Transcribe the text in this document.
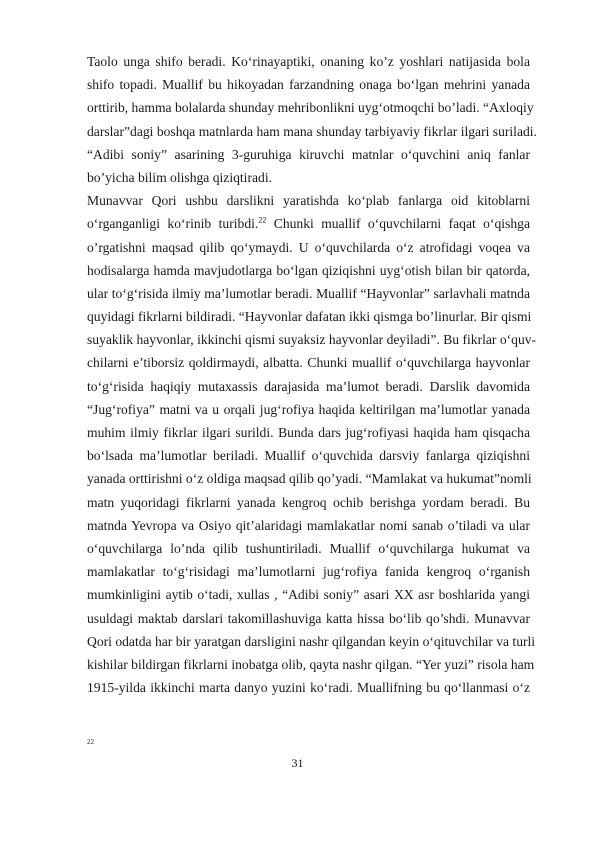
Taolo unga shifo beradi. Ko‘rinayaptiki, onaning ko’z yoshlari natijasida bola
shifo topadi. Muallif bu hikoyadan farzandning onaga bo‘lgan mehrini yanada
orttirib, hamma bolalarda shunday mehribonlikni uyg‘otmoqchi bo’ladi. “Axloqiy
darslar”dagi boshqa matnlarda ham mana shunday tarbiyaviy fikrlar ilgari suriladi.
“Adibi soniy” asarining 3-guruhiga kiruvchi matnlar o‘quvchini aniq fanlar
bo’yicha bilim olishga qiziqtiradi.
Munavvar Qori ushbu darslikni yaratishda ko‘plab fanlarga oid kitoblarni
o‘rganganligi ko‘rinib turibdi.$^{22}$ Chunki muallif o‘quvchilarni faqat o‘qishga
o’rgatishni maqsad qilib qo‘ymaydi. U o‘quvchilarda o‘z atrofidagi voqea va
hodisalarga hamda mavjudotlarga bo‘lgan qiziqishni uyg‘otish bilan bir qatorda,
ular to‘g‘risida ilmiy ma’lumotlar beradi. Muallif “Hayvonlar” sarlavhali matnda
quyidagi fikrlarni bildiradi. “Hayvonlar dafatan ikki qismga bo’linurlar. Bir qismi
suyaklik hayvonlar, ikkinchi qismi suyaksiz hayvonlar deyiladi”. Bu fikrlar o‘quv-
chilarni e’tiborsiz qoldirmaydi, albatta. Chunki muallif o‘quvchilarga hayvonlar
to‘g‘risida haqiqiy mutaxassis darajasida ma’lumot beradi. Darslik davomida
“Jug‘rofiya” matni va u orqali jug‘rofiya haqida keltirilgan ma’lumotlar yanada
muhim ilmiy fikrlar ilgari surildi. Bunda dars jug‘rofiyasi haqida ham qisqacha
bo‘lsada ma’lumotlar beriladi. Muallif o‘quvchida darsviy fanlarga qiziqishni
yanada orttirishni o‘z oldiga maqsad qilib qo’yadi. “Mamlakat va hukumat”nomli
matn yuqoridagi fikrlarni yanada kengroq ochib berishga yordam beradi. Bu
matnda Yevropa va Osiyo qit’alaridagi mamlakatlar nomi sanab o’tiladi va ular
o‘quvchilarga lo’nda qilib tushuntiriladi. Muallif o‘quvchilarga hukumat va
mamlakatlar to‘g‘risidagi ma’lumotlarni jug‘rofiya fanida kengroq o‘rganish
mumkinligini aytib o‘tadi, xullas , “Adibi soniy” asari XX asr boshlarida yangi
usuldagi maktab darslari takomillashuviga katta hissa bo‘lib qo’shdi. Munavvar
Qori odatda har bir yaratgan darsligini nashr qilgandan keyin o‘qituvchilar va turli
kishilar bildirgan fikrlarni inobatga olib, qayta nashr qilgan. “Yer yuzi” risola ham
1915-yilda ikkinchi marta danyo yuzini ko‘radi. Muallifning bu qo‘llanmasi o‘z
22
31
